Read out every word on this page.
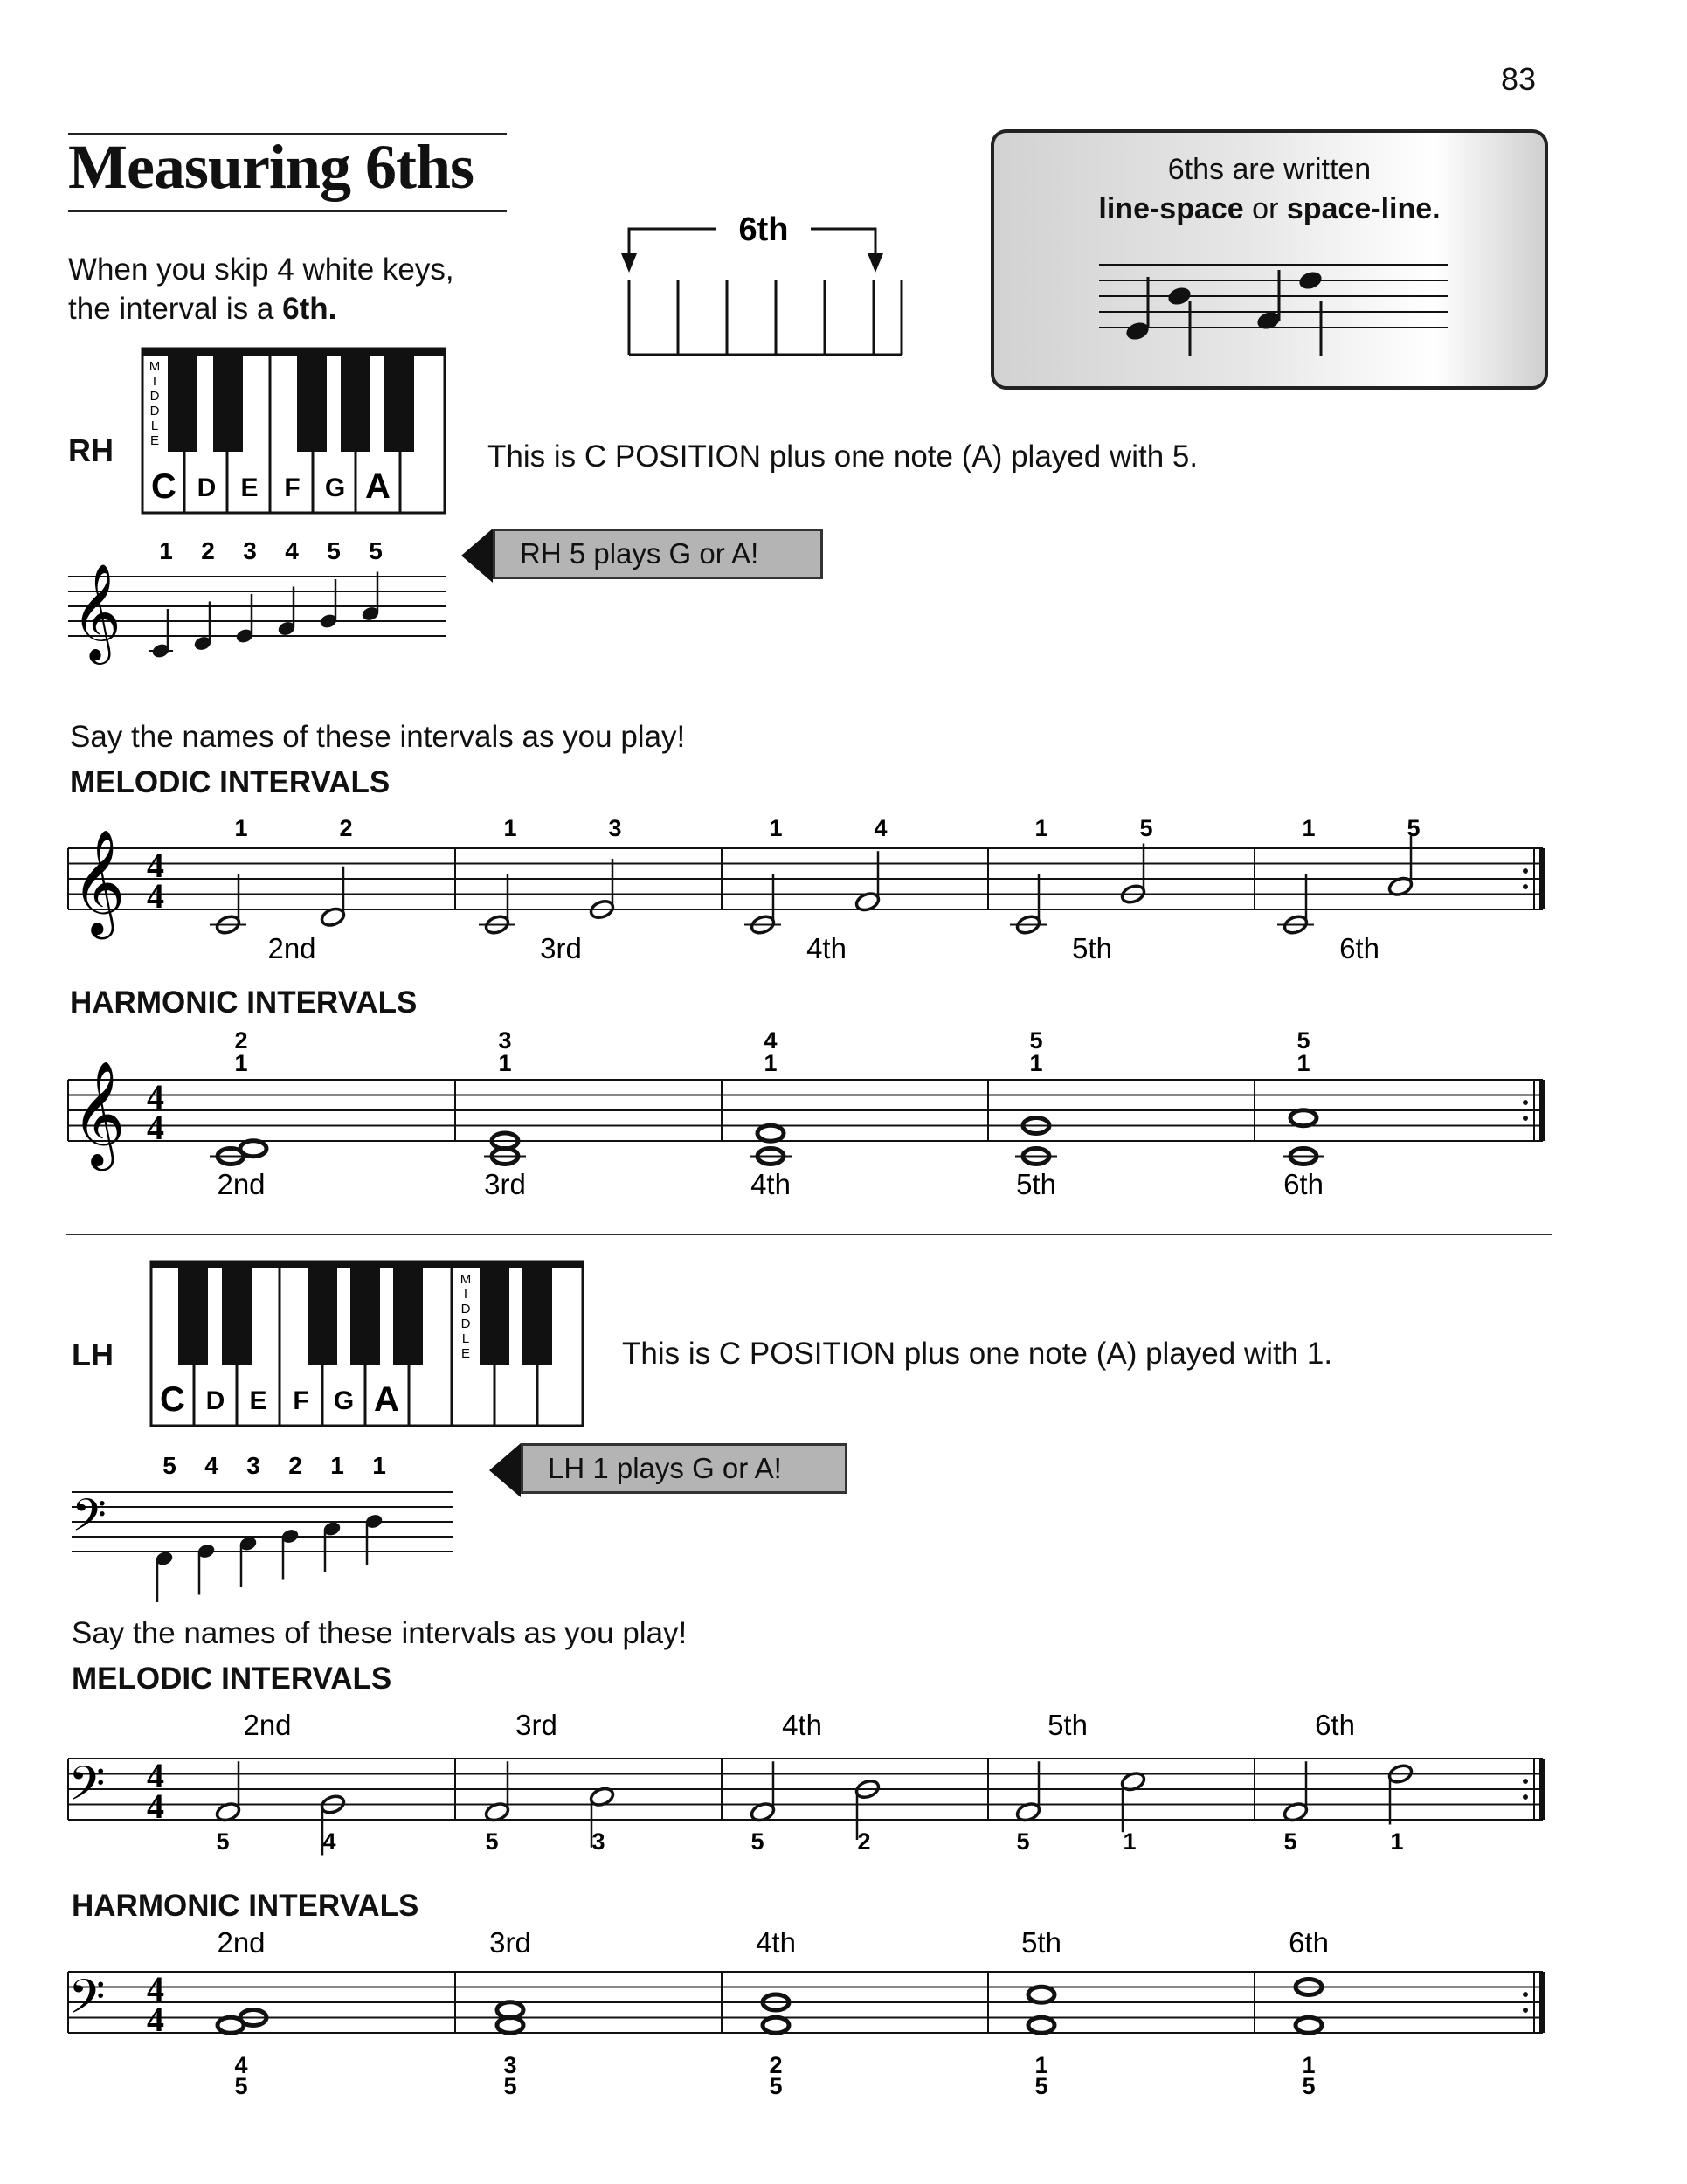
83
Measuring 6ths
When you skip 4 white keys,
the interval is a 6th.
6th
6ths are written
line-space or space-line.
RH
M
I
D
D
L
E
C D E F G A
This is C POSITION plus one note (A) played with 5.
1 2 3 4 5 5
𝄞
RH 5 plays G or A!
Say the names of these intervals as you play!
MELODIC INTERVALS
𝄞 4
4
1	2
2nd
1	3
3rd
1	4
4th
1	5
5th
1	5
6th
HARMONIC INTERVALS
𝄞 4
4
2
1
2nd
3
1
3rd
4
1
4th
5
1
5th
5
1
6th
LH
M
I
D
D
L
E
C D E F G A
This is C POSITION plus one note (A) played with 1.
5 4 3 2 1 1
𝄢
LH 1 plays G or A!
Say the names of these intervals as you play!
MELODIC INTERVALS
𝄢 4
4
2nd
5	4
3rd
5	3
4th
5	2
5th
5	1
6th
5	1
HARMONIC INTERVALS
𝄢 4
4
2nd
4
5
3rd
3
5
4th
2
5
5th
1
5
6th
1
5
